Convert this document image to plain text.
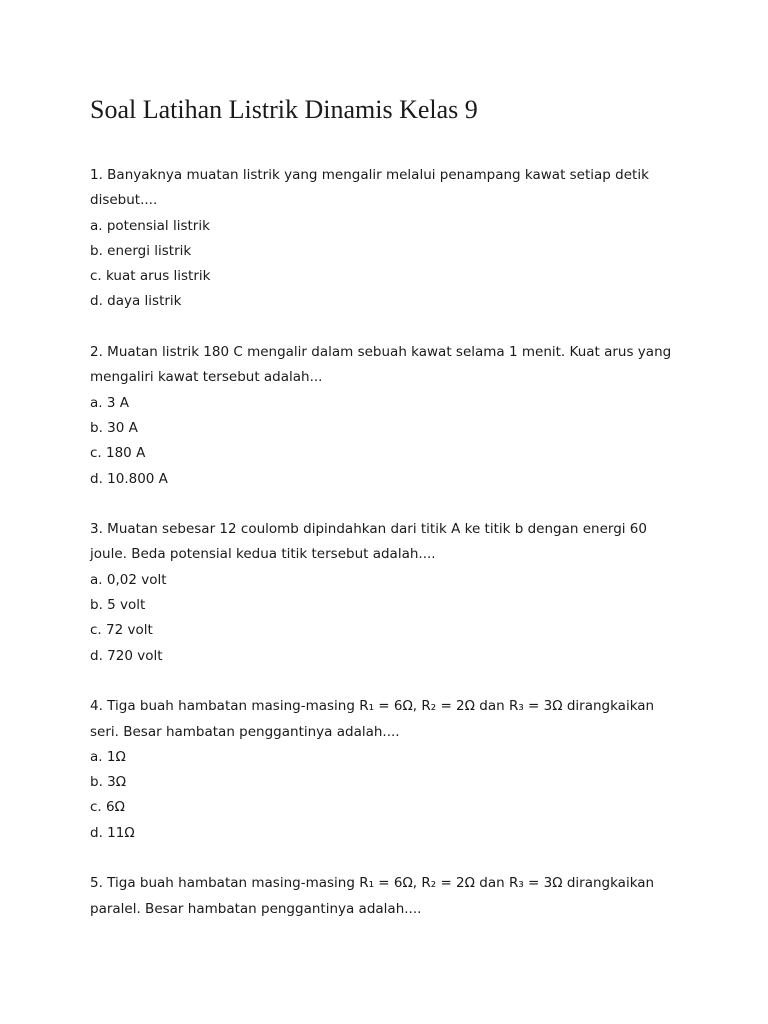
Soal Latihan Listrik Dinamis Kelas 9

1. Banyaknya muatan listrik yang mengalir melalui penampang kawat setiap detik
disebut....

a. potensial listrik

b. energi listrik

c. kuat arus listrik

d. daya listrik

2. Muatan listrik 180 C mengalir dalam sebuah kawat selama 1 menit. Kuat arus yang
mengaliri kawat tersebut adalah...

a. 3 A

b. 30 A

c. 180 A

d. 10.800 A

3. Muatan sebesar 12 coulomb dipindahkan dari titik A ke titik b dengan energi 60
joule. Beda potensial kedua titik tersebut adalah....

a. 0,02 volt

b. 5 volt

c. 72 volt

d. 720 volt

4. Tiga buah hambatan masing-masing R₁ = 6Ω, R₂ = 2Ω dan R₃ = 3Ω dirangkaikan
seri. Besar hambatan penggantinya adalah....

a. 1Ω

b. 3Ω

c. 6Ω

d. 11Ω

5. Tiga buah hambatan masing-masing R₁ = 6Ω, R₂ = 2Ω dan R₃ = 3Ω dirangkaikan
paralel. Besar hambatan penggantinya adalah....
